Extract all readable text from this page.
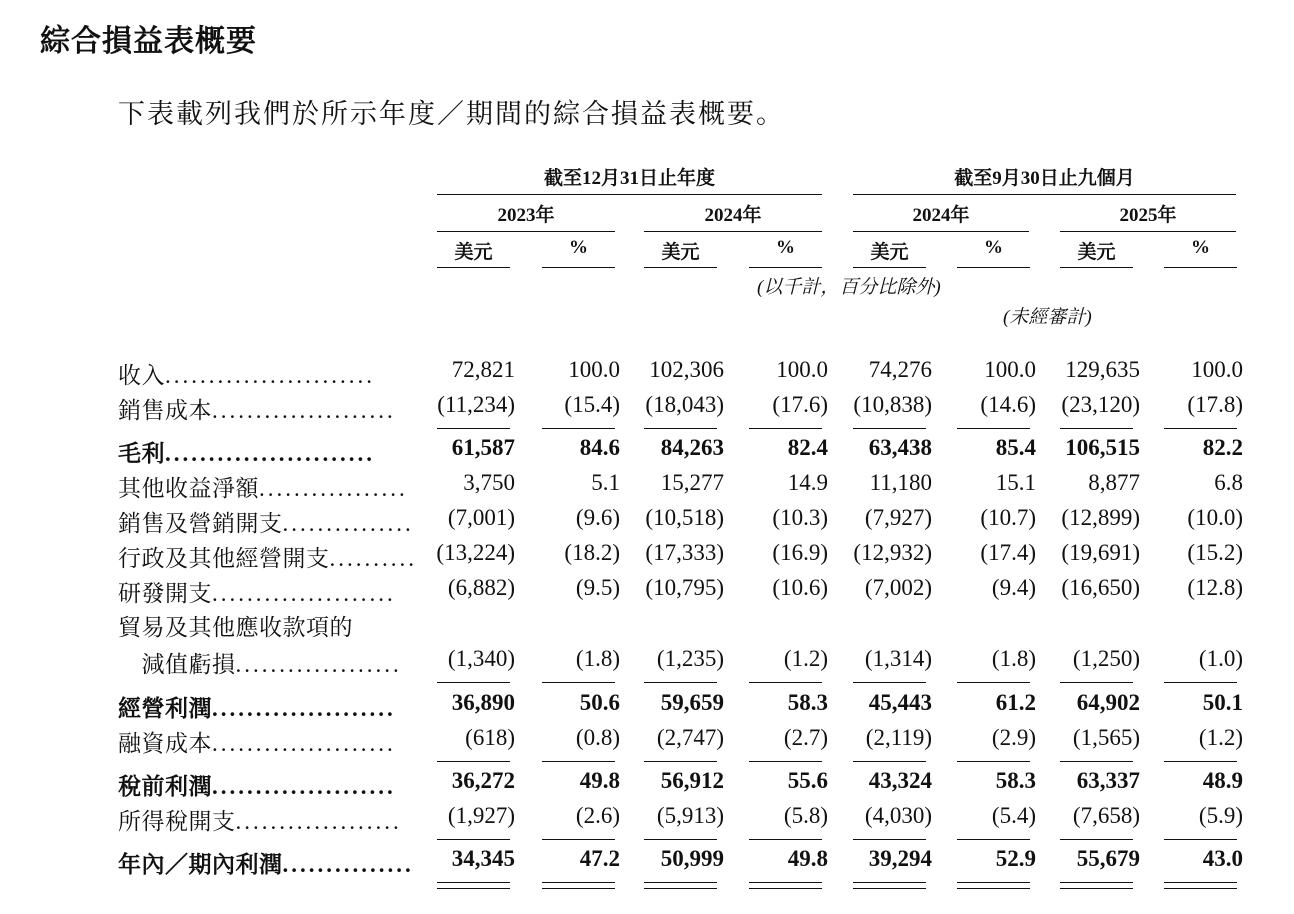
綜合損益表概要
下表載列我們於所示年度／期間的綜合損益表概要。
截至12月31日止年度	截至9月30日止九個月
2023年	2024年	2024年	2025年
美元	%	美元	%	美元	%	美元	%
(以千計，百分比除外)
(未經審計)
收入........................	72,821 100.0 102,306 100.0 74,276 100.0 129,635 100.0
銷售成本..................... (11,234) (15.4) (18,043) (17.6) (10,838) (14.6) (23,120) (17.8)
毛利........................	61,587	84.6 84,263	82.4 63,438	85.4 106,515	82.2
其他收益淨額................. 3,750	5.1 15,277	14.9 11,180	15.1 8,877	6.8
銷售及營銷開支............... (7,001)	(9.6) (10,518) (10.3) (7,927) (10.7) (12,899) (10.0)
行政及其他經營開支.......... (13,224) (18.2) (17,333) (16.9) (12,932) (17.4) (19,691) (15.2)
研發開支..................... (6,882)	(9.5) (10,795) (10.6) (7,002)	(9.4) (16,650) (12.8)
貿易及其他應收款項的
　減值虧損................... (1,340)	(1.8) (1,235)	(1.2) (1,314)	(1.8) (1,250)	(1.0)
經營利潤..................... 36,890	50.6 59,659	58.3 45,443	61.2 64,902	50.1
融資成本.....................	(618)	(0.8) (2,747)	(2.7) (2,119)	(2.9) (1,565)	(1.2)
稅前利潤..................... 36,272	49.8 56,912	55.6 43,324	58.3 63,337	48.9
所得稅開支................... (1,927)	(2.6) (5,913)	(5.8) (4,030)	(5.4) (7,658)	(5.9)
年內／期內利潤............... 34,345	47.2 50,999	49.8 39,294	52.9 55,679	43.0
